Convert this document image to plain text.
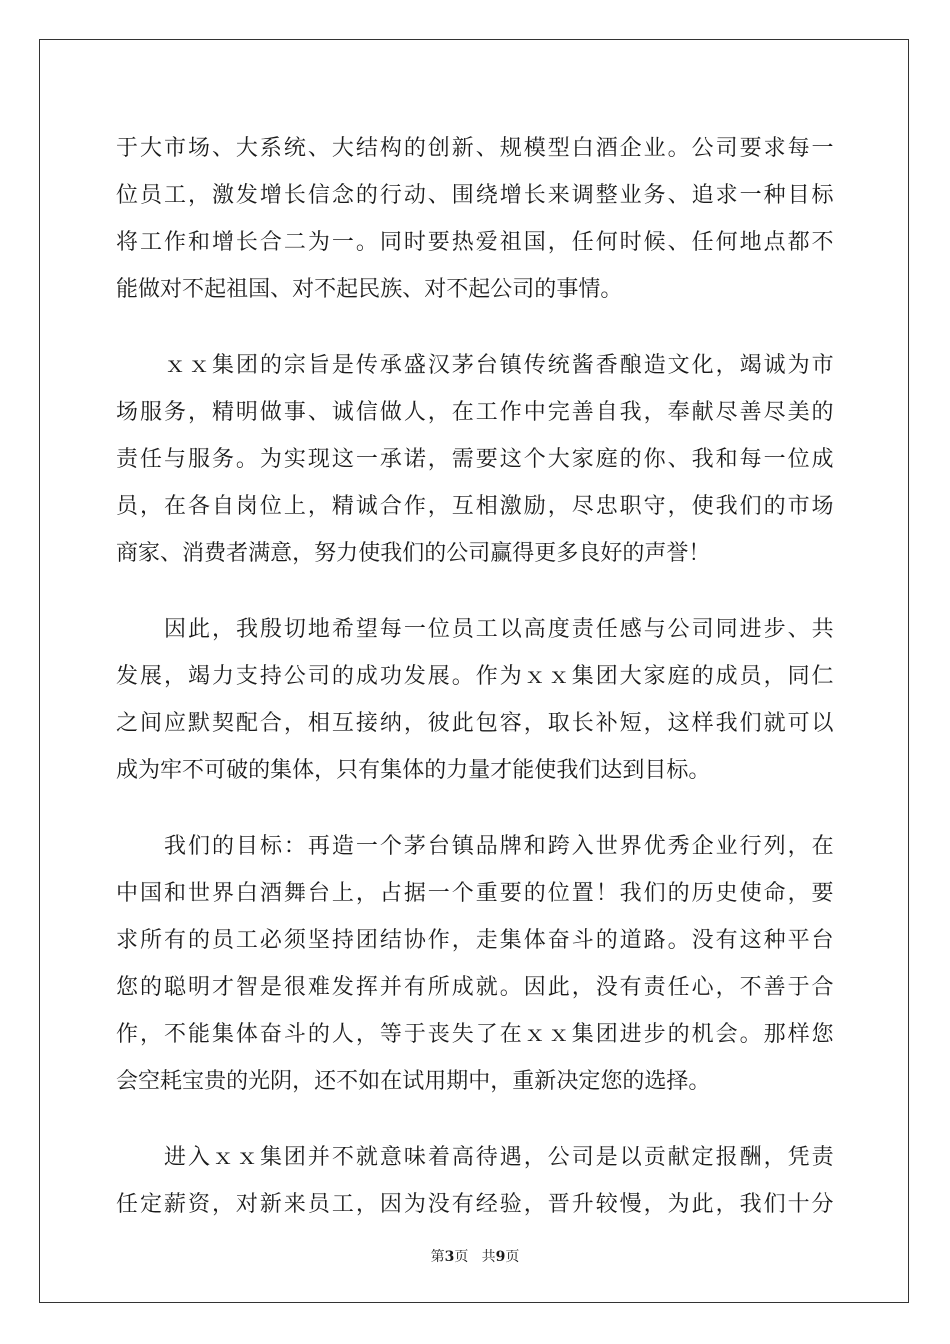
于 大 市 场 、 大 系 统 、 大 结 构 的 创 新 、 规 模 型 白 酒 企 业 。 公 司 要 求 每 一
位 员 工 ， 激 发 增 长 信 念 的 行 动 、 围 绕 增 长 来 调 整 业 务 、 追 求 一 种 目 标
将 工 作 和 增 长 合 二 为 一 。 同 时 要 热 爱 祖 国 ， 任 何 时 候 、 任 何 地 点 都 不
能 做 对 不 起 祖 国 、 对 不 起 民 族 、 对 不 起 公 司 的 事 情 。
ｘ ｘ 集 团 的 宗 旨 是 传 承 盛 汉 茅 台 镇 传 统 酱 香 酿 造 文 化 ， 竭 诚 为 市
场 服 务 ， 精 明 做 事 、 诚 信 做 人 ， 在 工 作 中 完 善 自 我 ， 奉 献 尽 善 尽 美 的
责 任 与 服 务 。 为 实 现 这 一 承 诺 ， 需 要 这 个 大 家 庭 的 你 、 我 和 每 一 位 成
员 ， 在 各 自 岗 位 上 ， 精 诚 合 作 ， 互 相 激 励 ， 尽 忠 职 守 ， 使 我 们 的 市 场
商 家 、 消 费 者 满 意 ， 努 力 使 我 们 的 公 司 赢 得 更 多 良 好 的 声 誉 ！
因 此 ， 我 殷 切 地 希 望 每 一 位 员 工 以 高 度 责 任 感 与 公 司 同 进 步 、 共
发 展 ， 竭 力 支 持 公 司 的 成 功 发 展 。 作 为 ｘ ｘ 集 团 大 家 庭 的 成 员 ， 同 仁
之 间 应 默 契 配 合 ， 相 互 接 纳 ， 彼 此 包 容 ， 取 长 补 短 ， 这 样 我 们 就 可 以
成 为 牢 不 可 破 的 集 体 ， 只 有 集 体 的 力 量 才 能 使 我 们 达 到 目 标 。
我 们 的 目 标 ： 再 造 一 个 茅 台 镇 品 牌 和 跨 入 世 界 优 秀 企 业 行 列 ， 在
中 国 和 世 界 白 酒 舞 台 上 ， 占 据 一 个 重 要 的 位 置 ！ 我 们 的 历 史 使 命 ， 要
求 所 有 的 员 工 必 须 坚 持 团 结 协 作 ， 走 集 体 奋 斗 的 道 路 。 没 有 这 种 平 台
您 的 聪 明 才 智 是 很 难 发 挥 并 有 所 成 就 。 因 此 ， 没 有 责 任 心 ， 不 善 于 合
作 ， 不 能 集 体 奋 斗 的 人 ， 等 于 丧 失 了 在 ｘ ｘ 集 团 进 步 的 机 会 。 那 样 您
会 空 耗 宝 贵 的 光 阴 ， 还 不 如 在 试 用 期 中 ， 重 新 决 定 您 的 选 择 。
进 入 ｘ ｘ 集 团 并 不 就 意 味 着 高 待 遇 ， 公 司 是 以 贡 献 定 报 酬 ， 凭 责
任 定 薪 资 ， 对 新 来 员 工 ， 因 为 没 有 经 验 ， 晋 升 较 慢 ， 为 此 ， 我 们 十 分
第3页 共9页
